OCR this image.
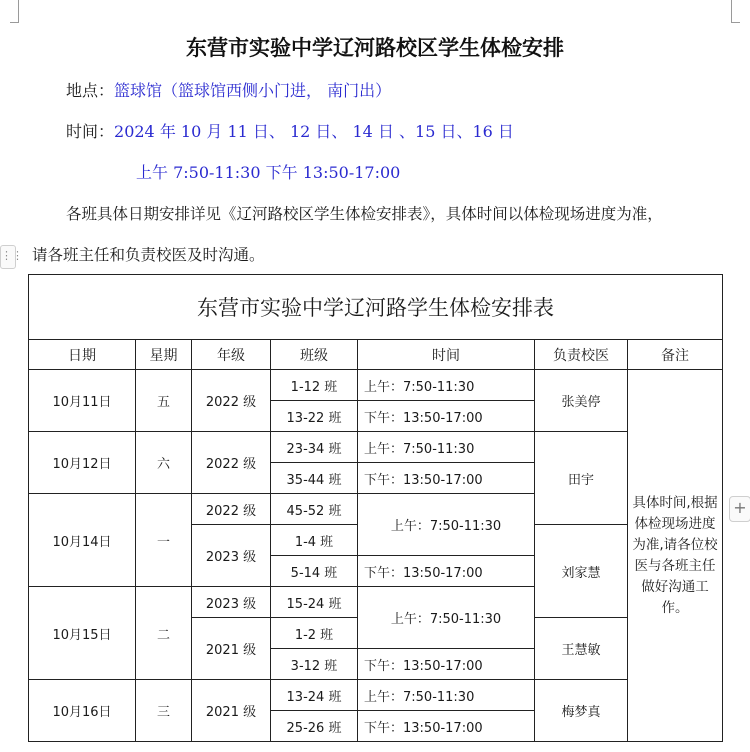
东营市实验中学辽河路校区学生体检安排
地点：篮球馆（篮球馆西侧小门进， 南门出）
时间：2024 年 10 月 11 日、 12 日、 14 日 、15 日、16 日
上午 7:50-11:30 下午 13:50-17:00
各班具体日期安排详见《辽河路校区学生体检安排表》，具体时间以体检现场进度为准，
请各班主任和负责校医及时沟通。
⋮⋮
+
东营市实验中学辽河路学生体检安排表						
日期	星期	年级	班级	时间	负责校医	备注
10月11日	五	2022 级	1-12 班	上午：7:50-11:30	张美停	具体时间,根据体检现场进度为准,请各位校医与各班主任做好沟通工作。
			13-22 班	下午：13:50-17:00		
10月12日	六	2022 级	23-34 班	上午：7:50-11:30	田宇	
			35-44 班	下午：13:50-17:00		
10月14日	一	2022 级	45-52 班	上午：7:50-11:30		
		2023 级	1-4 班		刘家慧	
			5-14 班	下午：13:50-17:00		
10月15日	二	2023 级	15-24 班	上午：7:50-11:30		
		2021 级	1-2 班		王慧敏	
			3-12 班	下午：13:50-17:00		
10月16日	三	2021 级	13-24 班	上午：7:50-11:30	梅梦真	
			25-26 班	下午：13:50-17:00		
